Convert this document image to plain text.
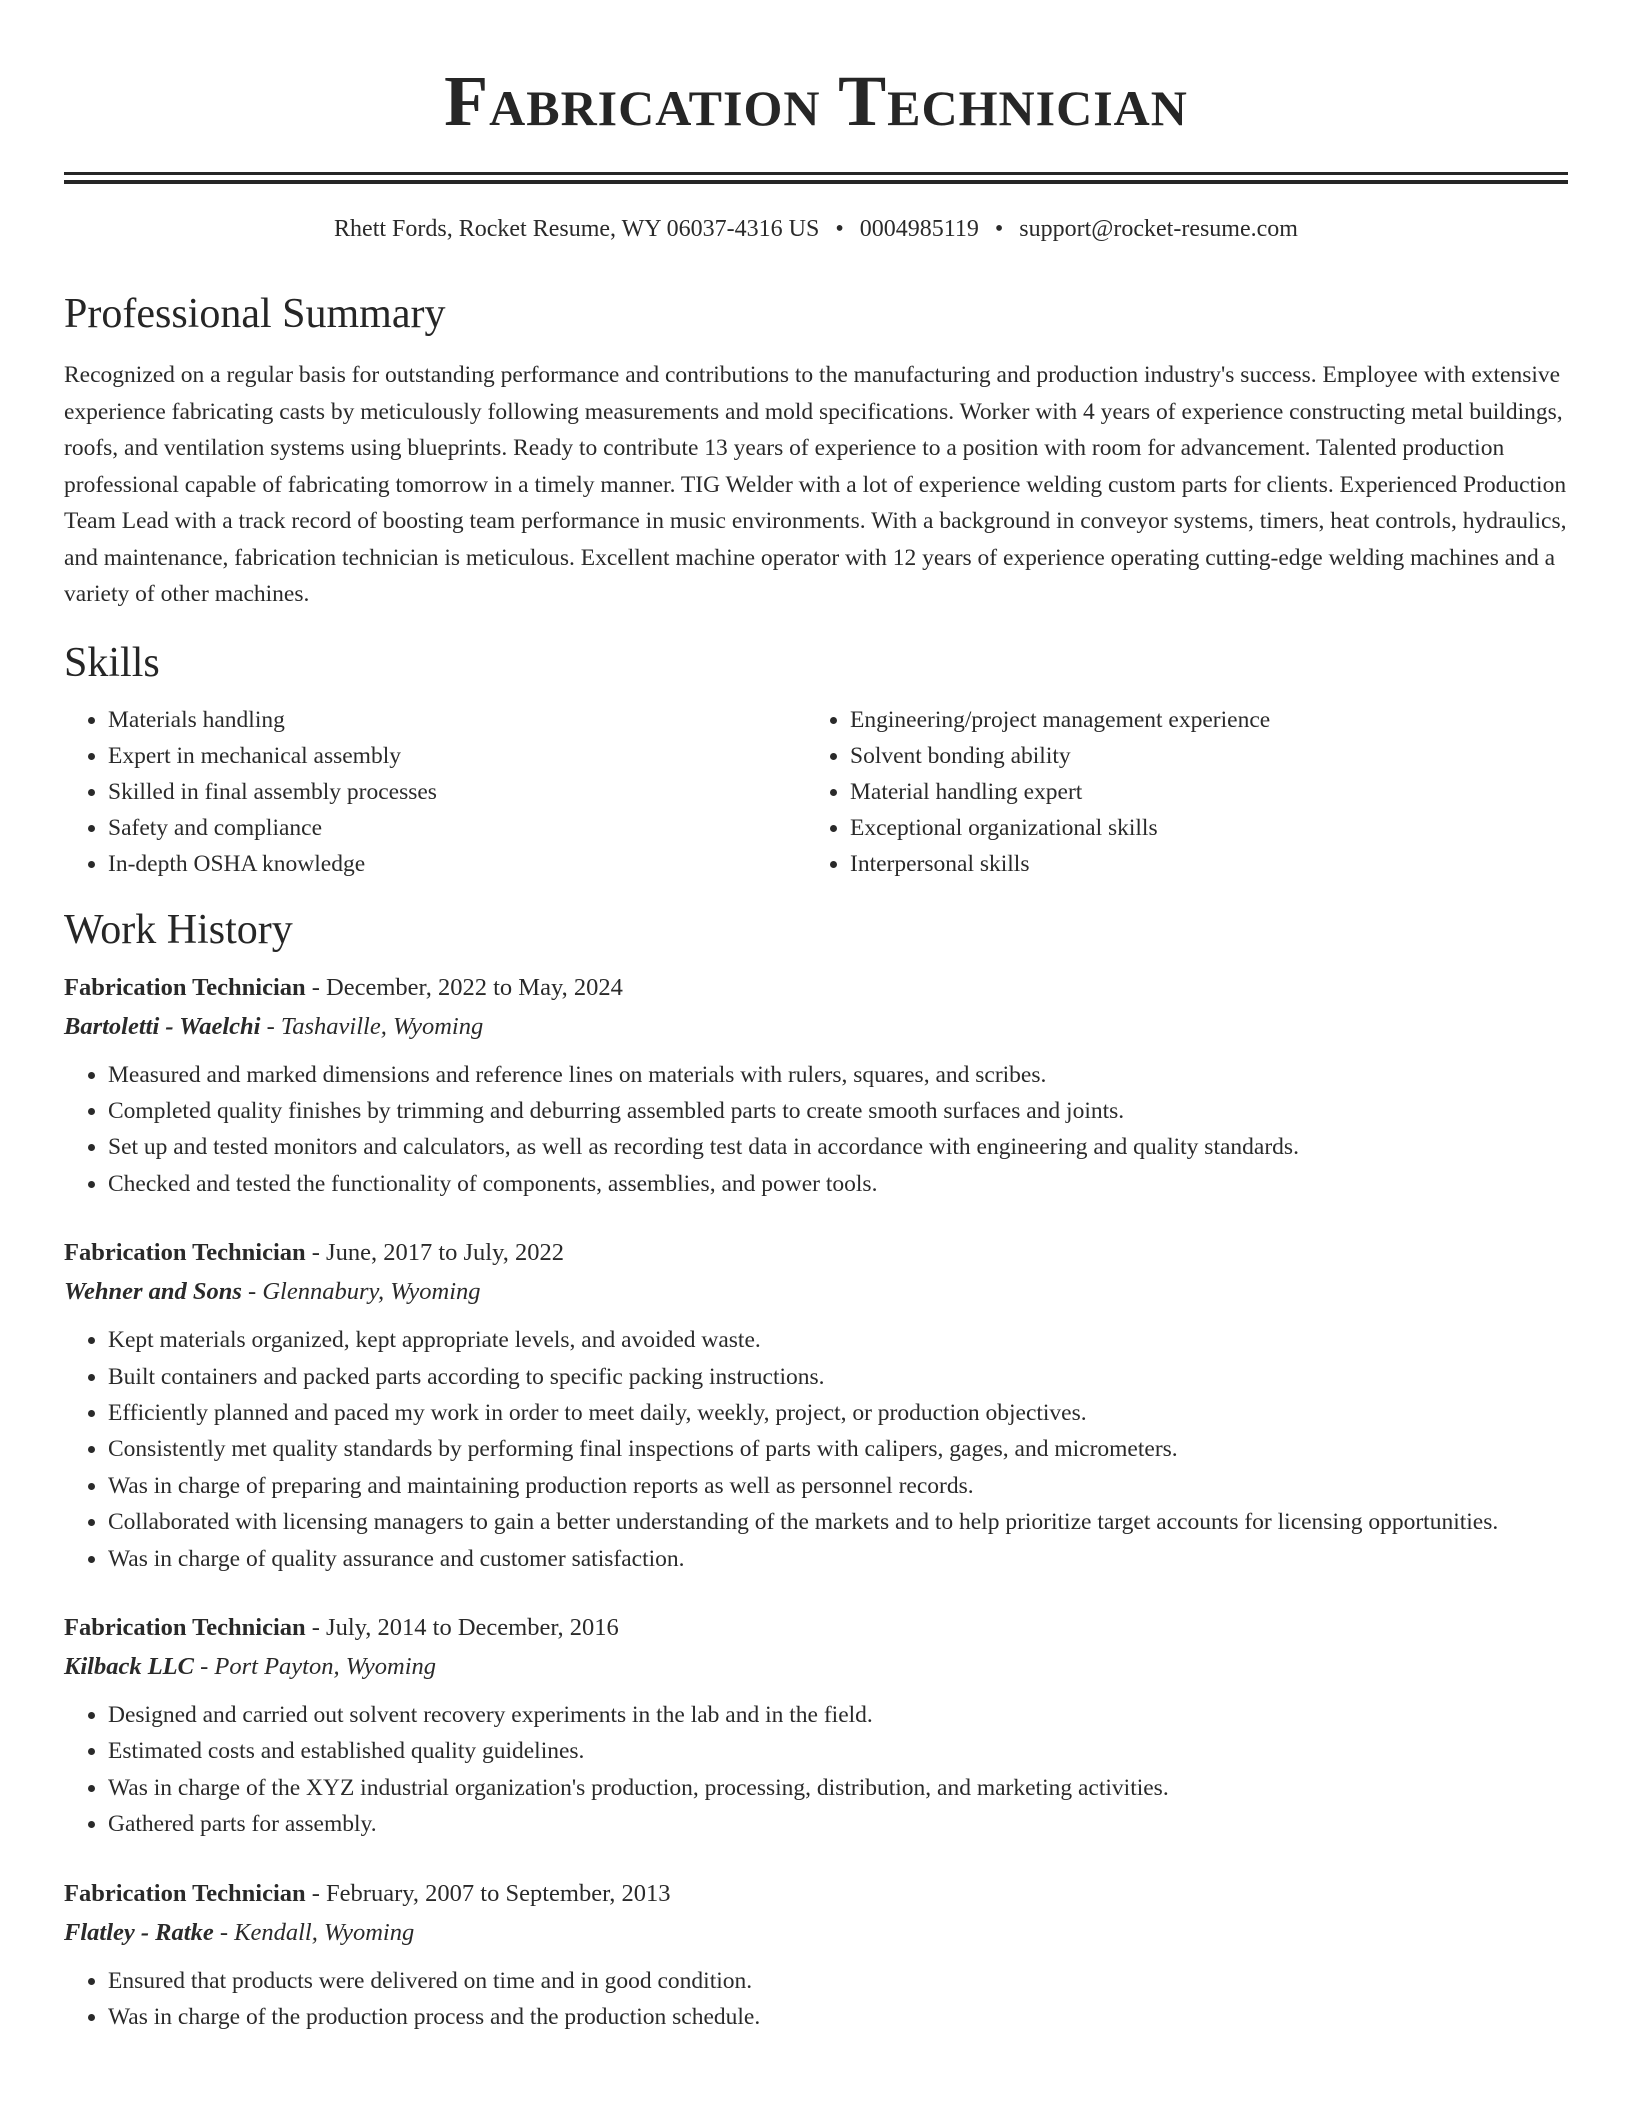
Fabrication Technician
Rhett Fords, Rocket Resume, WY 06037-4316 US • 0004985119 • support@rocket-resume.com
Professional Summary
Recognized on a regular basis for outstanding performance and contributions to the manufacturing and production industry's success. Employee with extensive experience fabricating casts by meticulously following measurements and mold specifications. Worker with 4 years of experience constructing metal buildings, roofs, and ventilation systems using blueprints. Ready to contribute 13 years of experience to a position with room for advancement. Talented production professional capable of fabricating tomorrow in a timely manner. TIG Welder with a lot of experience welding custom parts for clients. Experienced Production Team Lead with a track record of boosting team performance in music environments. With a background in conveyor systems, timers, heat controls, hydraulics, and maintenance, fabrication technician is meticulous. Excellent machine operator with 12 years of experience operating cutting-edge welding machines and a variety of other machines.
Skills
• Materials handling
• Expert in mechanical assembly
• Skilled in final assembly processes
• Safety and compliance
• In-depth OSHA knowledge
• Engineering/project management experience
• Solvent bonding ability
• Material handling expert
• Exceptional organizational skills
• Interpersonal skills
Work History
Fabrication Technician - December, 2022 to May, 2024
Bartoletti - Waelchi - Tashaville, Wyoming
• Measured and marked dimensions and reference lines on materials with rulers, squares, and scribes.
• Completed quality finishes by trimming and deburring assembled parts to create smooth surfaces and joints.
• Set up and tested monitors and calculators, as well as recording test data in accordance with engineering and quality standards.
• Checked and tested the functionality of components, assemblies, and power tools.
Fabrication Technician - June, 2017 to July, 2022
Wehner and Sons - Glennabury, Wyoming
• Kept materials organized, kept appropriate levels, and avoided waste.
• Built containers and packed parts according to specific packing instructions.
• Efficiently planned and paced my work in order to meet daily, weekly, project, or production objectives.
• Consistently met quality standards by performing final inspections of parts with calipers, gages, and micrometers.
• Was in charge of preparing and maintaining production reports as well as personnel records.
• Collaborated with licensing managers to gain a better understanding of the markets and to help prioritize target accounts for licensing opportunities.
• Was in charge of quality assurance and customer satisfaction.
Fabrication Technician - July, 2014 to December, 2016
Kilback LLC - Port Payton, Wyoming
• Designed and carried out solvent recovery experiments in the lab and in the field.
• Estimated costs and established quality guidelines.
• Was in charge of the XYZ industrial organization's production, processing, distribution, and marketing activities.
• Gathered parts for assembly.
Fabrication Technician - February, 2007 to September, 2013
Flatley - Ratke - Kendall, Wyoming
• Ensured that products were delivered on time and in good condition.
• Was in charge of the production process and the production schedule.
